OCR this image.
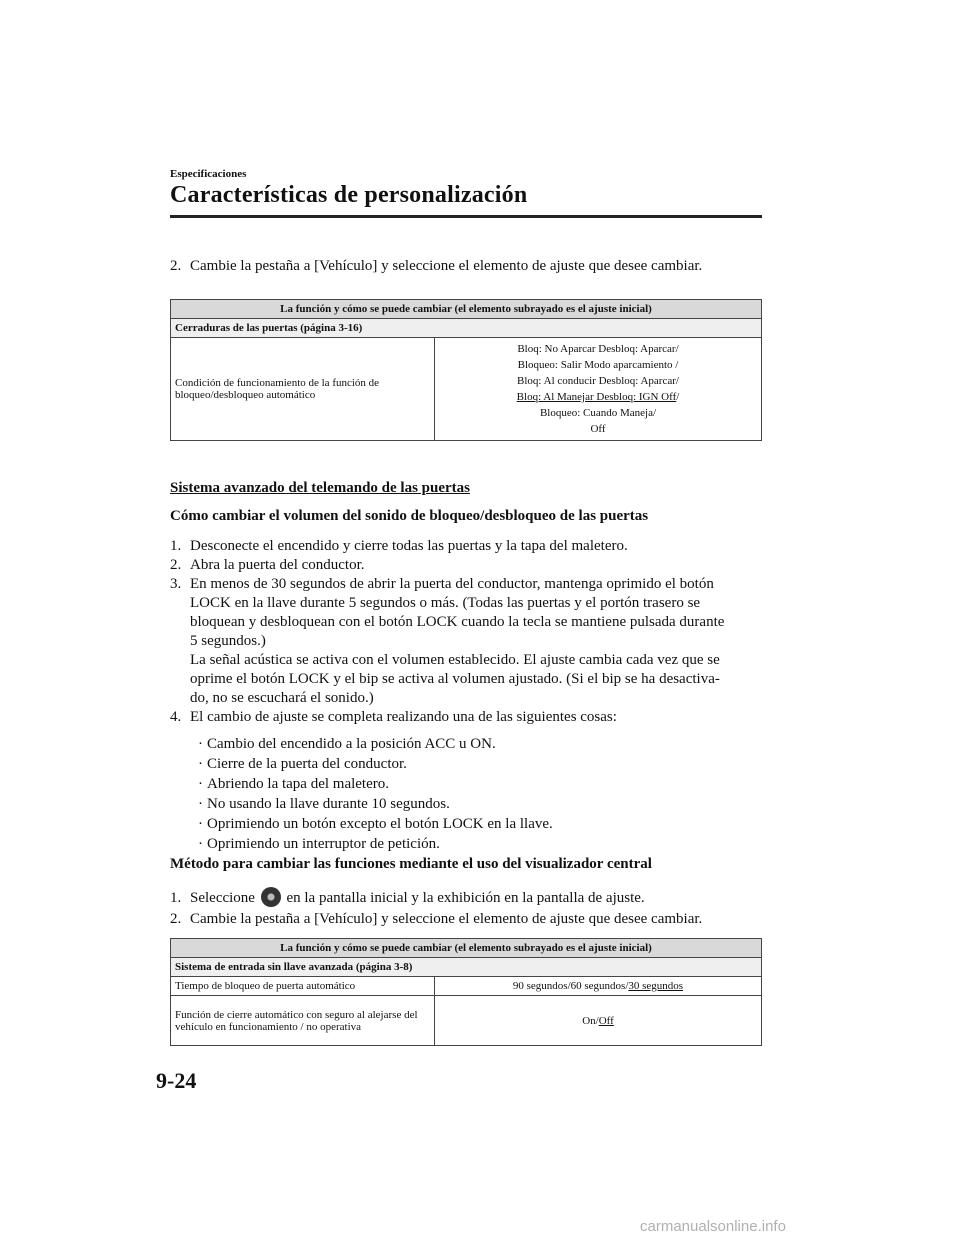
Especificaciones
Características de personalización
2. Cambie la pestaña a [Vehículo] y seleccione el elemento de ajuste que desee cambiar.
La función y cómo se puede cambiar (el elemento subrayado es el ajuste inicial)
Cerraduras de las puertas (página 3-16)
Condición de funcionamiento de la función de bloqueo/desbloqueo automático	
Bloq: No Aparcar Desbloq: Aparcar/
Bloqueo: Salir Modo aparcamiento /
Bloq: Al conducir Desbloq: Aparcar/
Bloq: Al Manejar Desbloq: IGN Off/
Bloqueo: Cuando Maneja/
Off
Sistema avanzado del telemando de las puertas
Cómo cambiar el volumen del sonido de bloqueo/desbloqueo de las puertas
1. Desconecte el encendido y cierre todas las puertas y la tapa del maletero.
2. Abra la puerta del conductor.
3. En menos de 30 segundos de abrir la puerta del conductor, mantenga oprimido el botón
LOCK en la llave durante 5 segundos o más. (Todas las puertas y el portón trasero se
bloquean y desbloquean con el botón LOCK cuando la tecla se mantiene pulsada durante
5 segundos.)
La señal acústica se activa con el volumen establecido. El ajuste cambia cada vez que se
oprime el botón LOCK y el bip se activa al volumen ajustado. (Si el bip se ha desactiva-
do, no se escuchará el sonido.)
4. El cambio de ajuste se completa realizando una de las siguientes cosas:
· Cambio del encendido a la posición ACC u ON.
· Cierre de la puerta del conductor.
· Abriendo la tapa del maletero.
· No usando la llave durante 10 segundos.
· Oprimiendo un botón excepto el botón LOCK en la llave.
· Oprimiendo un interruptor de petición.
Método para cambiar las funciones mediante el uso del visualizador central
1. Seleccione en la pantalla inicial y la exhibición en la pantalla de ajuste.
2. Cambie la pestaña a [Vehículo] y seleccione el elemento de ajuste que desee cambiar.
La función y cómo se puede cambiar (el elemento subrayado es el ajuste inicial)	
Sistema de entrada sin llave avanzada (página 3-8)	
Tiempo de bloqueo de puerta automático	90 segundos/60 segundos/30 segundos
Función de cierre automático con seguro al alejarse del vehículo en funcionamiento / no operativa	On/Off
9-24
carmanualsonline.info
